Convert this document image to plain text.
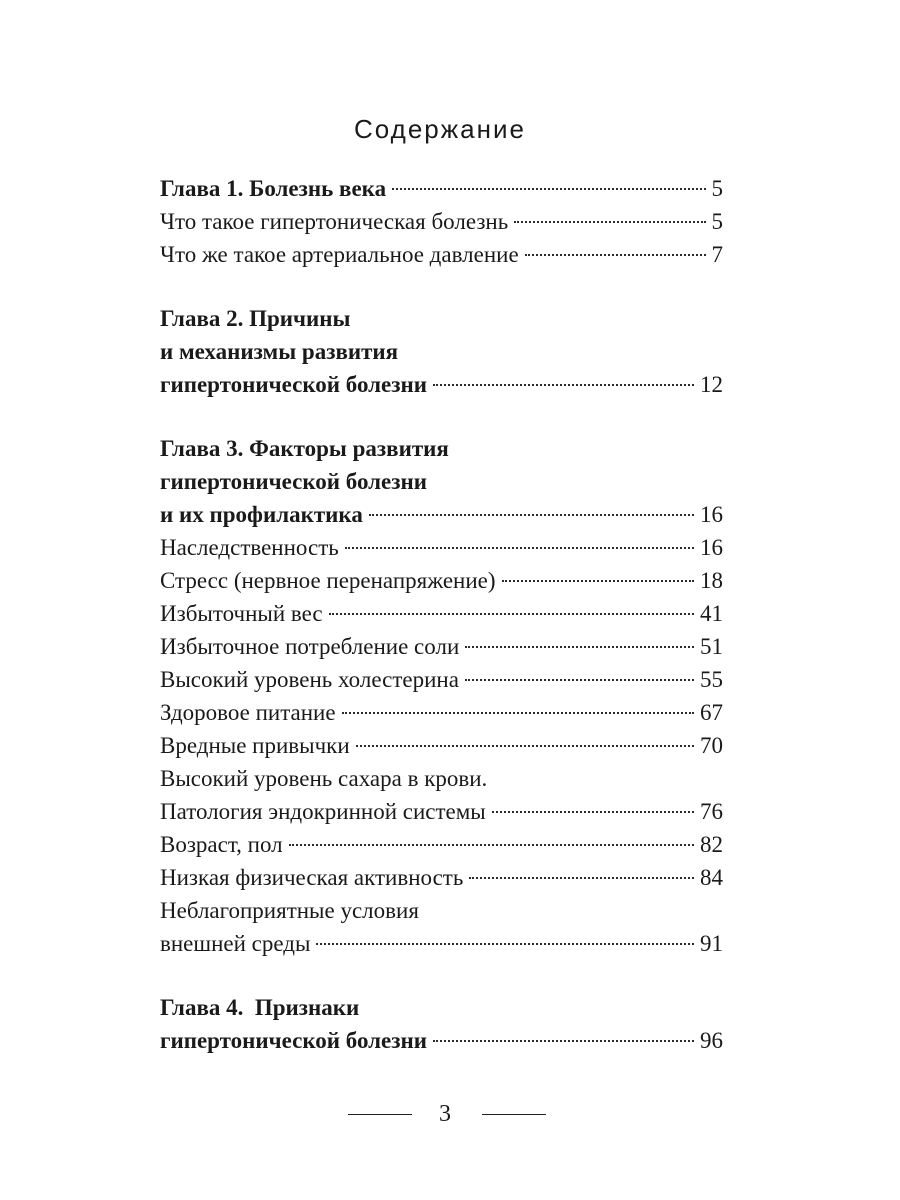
Содержание
Глава 1. Болезнь века	5
Что такое гипертоническая болезнь	5
Что же такое артериальное давление	7
Глава 2. Причины
и механизмы развития
гипертонической болезни	12
Глава 3. Факторы развития
гипертонической болезни
и их профилактика	16
Наследственность	16
Стресс (нервное перенапряжение)	18
Избыточный вес	41
Избыточное потребление соли	51
Высокий уровень холестерина	55
Здоровое питание	67
Вредные привычки	70
Высокий уровень сахара в крови.
Патология эндокринной системы	76
Возраст, пол	82
Низкая физическая активность	84
Неблагоприятные условия
внешней среды	91
Глава 4.  Признаки
гипертонической болезни	96
3
